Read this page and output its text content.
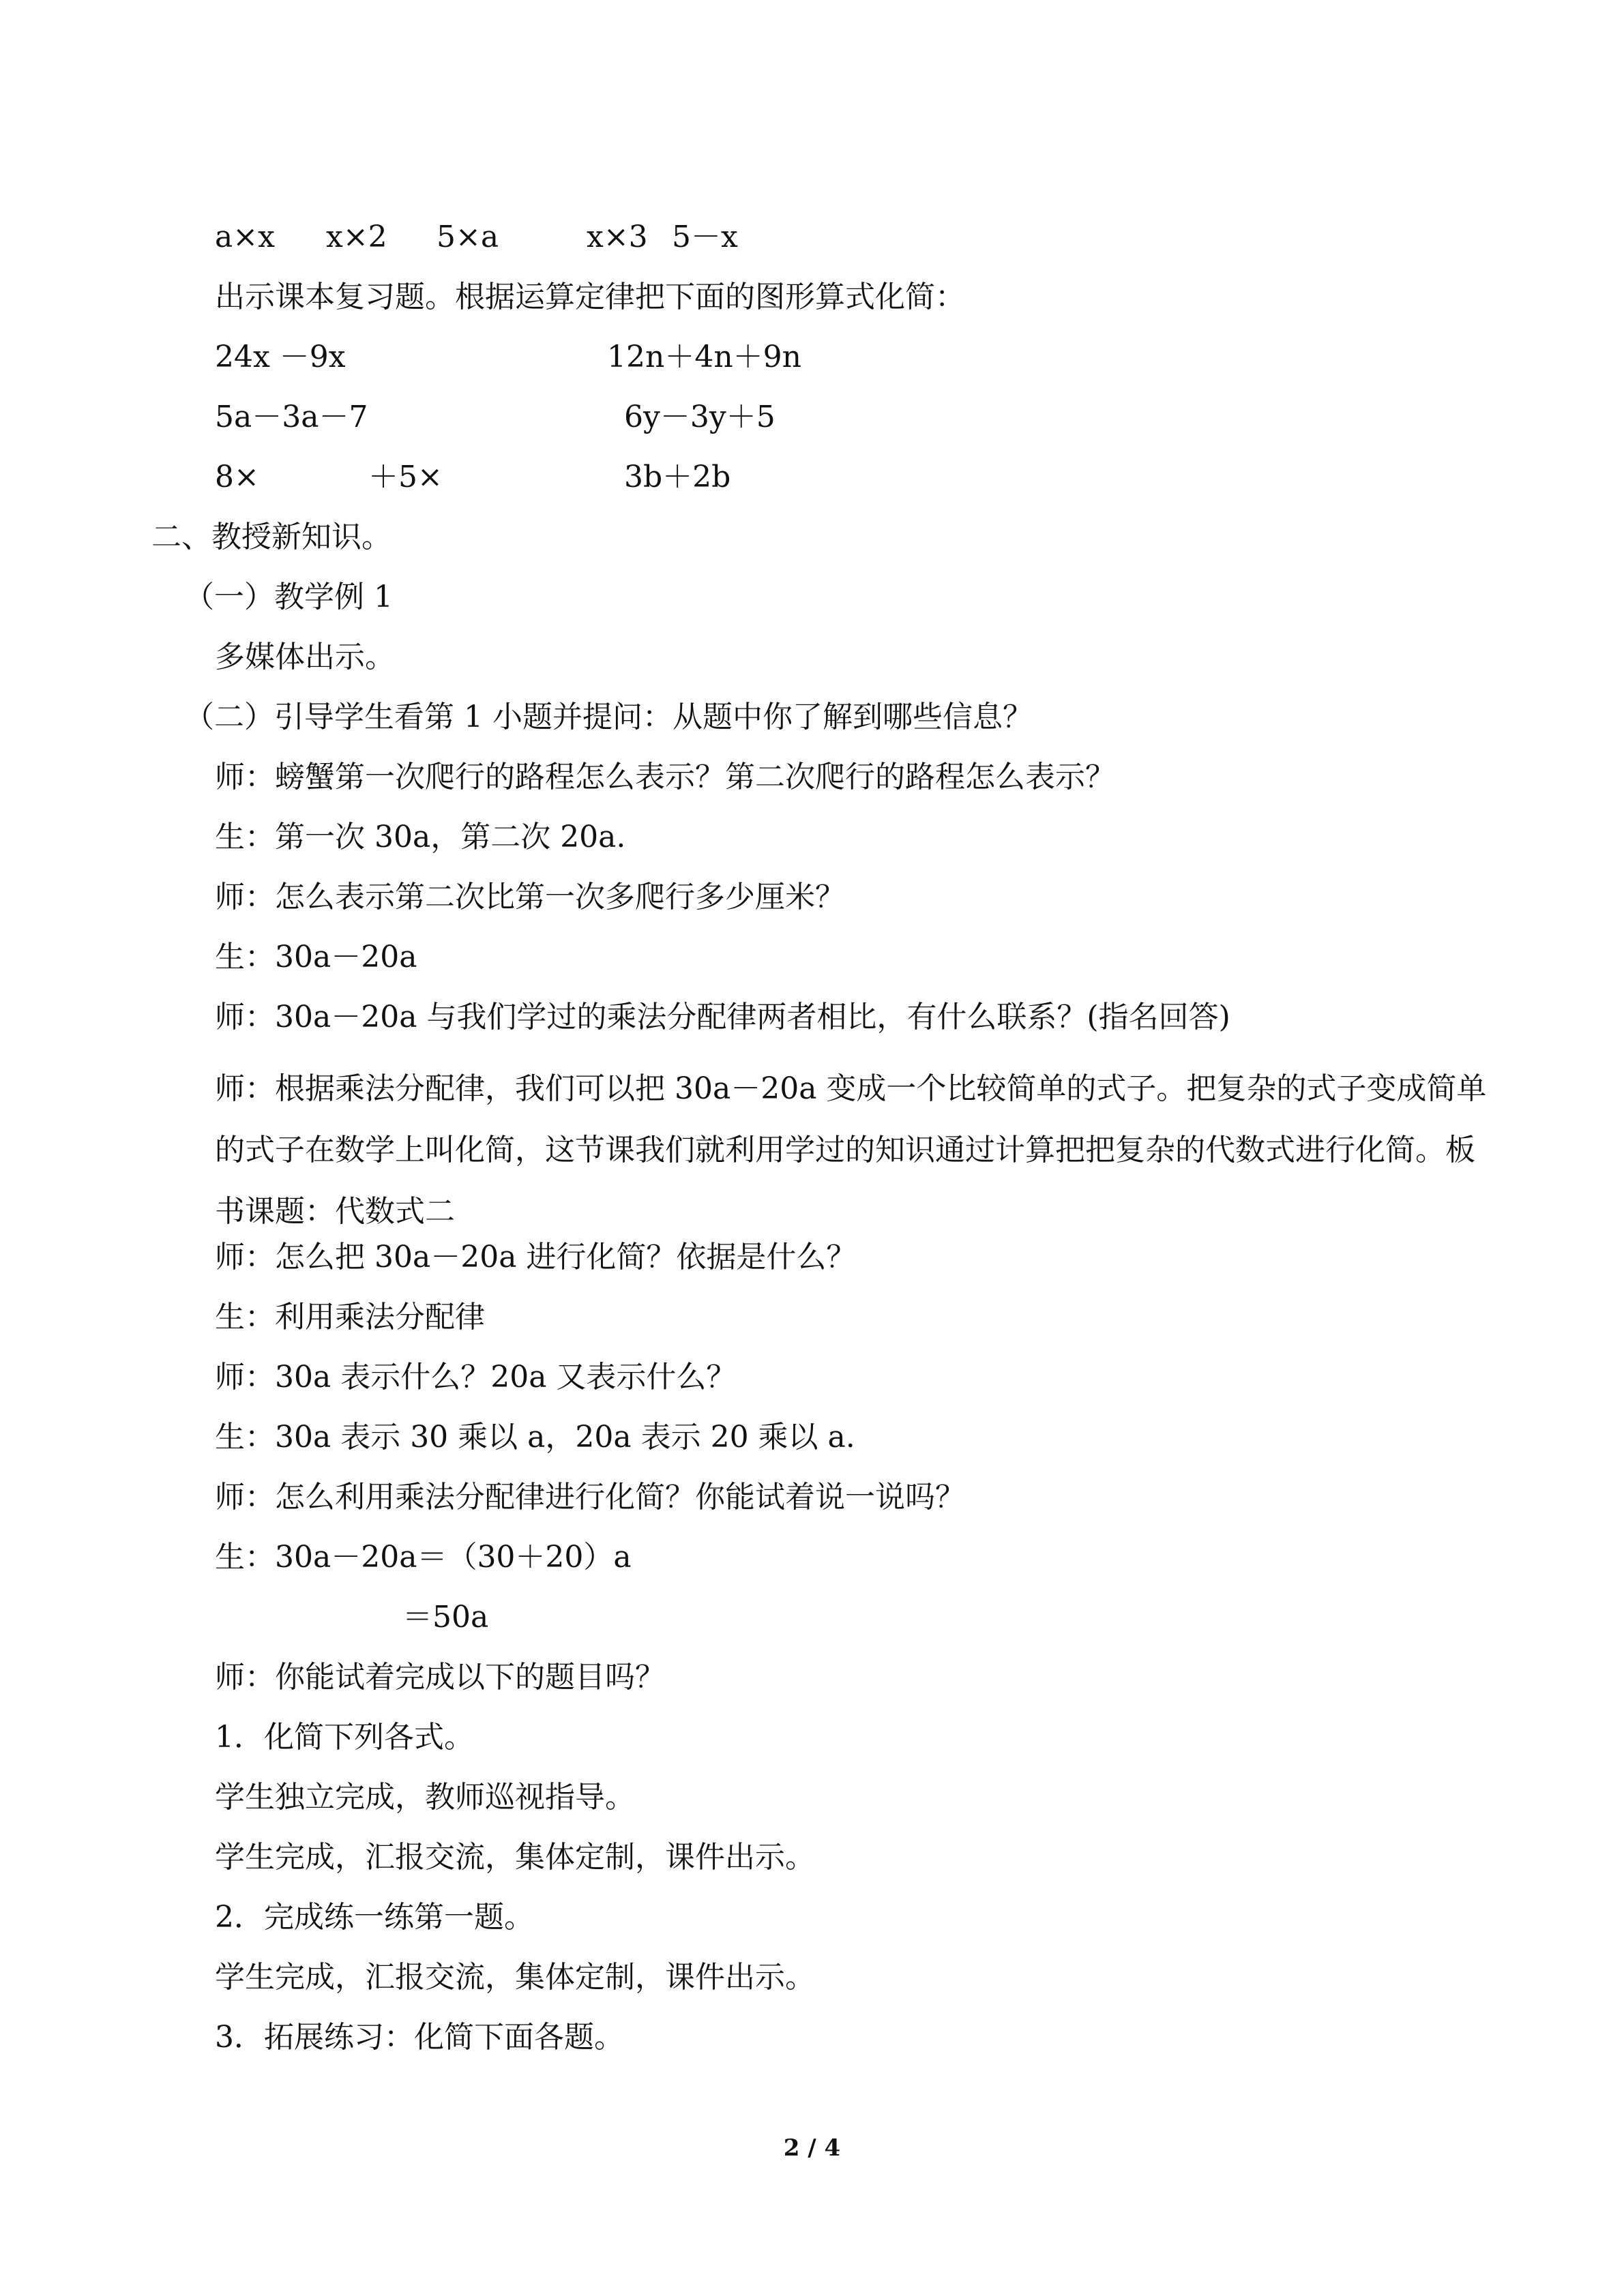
a×x x×2 5×a	x×3 5－x
出示课本复习题。根据运算定律把下面的图形算式化简：
24x －9x	12n＋4n＋9n
5a－3a－7	6y－3y＋5
8×	＋5×	3b＋2b
二、教授新知识。
（一）教学例 1
多媒体出示。
（二）引导学生看第 1 小题并提问：从题中你了解到哪些信息？
师：螃蟹第一次爬行的路程怎么表示？第二次爬行的路程怎么表示？
生：第一次 30a，第二次 20a.
师：怎么表示第二次比第一次多爬行多少厘米？
生：30a－20a
师：30a－20a 与我们学过的乘法分配律两者相比，有什么联系？(指名回答)
师：根据乘法分配律，我们可以把 30a－20a 变成一个比较简单的式子。把复杂的式子变成简单的式子在数学上叫化简，这节课我们就利用学过的知识通过计算把把复杂的代数式进行化简。板书课题：代数式二
师：怎么把 30a－20a 进行化简？依据是什么？
生：利用乘法分配律
师：30a 表示什么？20a 又表示什么？
生：30a 表示 30 乘以 a，20a 表示 20 乘以 a.
师：怎么利用乘法分配律进行化简？你能试着说一说吗？
生：30a－20a＝（30＋20）a
＝50a
师：你能试着完成以下的题目吗？
1．化简下列各式。
学生独立完成，教师巡视指导。
学生完成，汇报交流，集体定制，课件出示。
2．完成练一练第一题。
学生完成，汇报交流，集体定制，课件出示。
3．拓展练习：化简下面各题。
2 / 4
